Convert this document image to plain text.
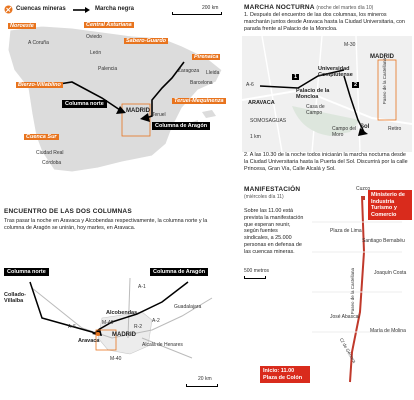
Cuencas mineras	Marcha negra	200 km
Noroeste	Central Asturiana
Bierzo-Villablino
Sabero-Guardo
Pirenaica
Teruel-Mequinenza
Cuenca Sur
A Coruña
Oviedo
León
Palencia	Zaragoza Lleida
Barcelona
Teruel
MADRID
Ciudad Real
Córdoba
Columna norte
Columna de Aragón
ENCUENTRO DE LAS DOS COLUMNAS
Tras pasar la noche en Aravaca y Alcobendas respectivamente, la columna norte y la columna de Aragón se unirán, hoy martes, en Aravaca.
Columna norte	Columna de Aragón
Collado-Villalba
A-6
A-1
Alcobendas
M-40
R-2
A-2
Guadalajara
Aravaca
MADRID
Alcalá de Henares
M-40
20 km
MARCHA NOCTURNA (noche del martes día 10)
1. Después del encuentro de las dos columnas, los mineros marcharán juntos desde Aravaca hasta la Ciudad Universitaria, con parada frente al Palacio de la Moncloa.
MADRID
M-30
A-6
ARAVACA
Universidad Complutense
Palacio de la Moncloa
Casa de Campo
SOMOSAGUAS
Campo del Moro
Sol	Retiro
Paseo de la Castellana
1 km
1
2
2. A las 10.30 de la noche todos iniciarán la marcha nocturna desde la Ciudad Universitaria hasta la Puerta del Sol. Discurrirá por la calle Princesa, Gran Vía, Calle Alcalá y Sol.
MANIFESTACIÓN
(miércoles día 11)
Sobre las 11.00 está prevista la manifestación que esperan reunir, según fuentes sindicales, a 25.000 personas en defensa de las cuencas mineras.
500 metros
Ministerio de Industria Turismo y Comercio
Inicio: 11.00 Plaza de Colón
Cuzco
Plaza de Lima
Santiago Bernabéu
Joaquín Costa
José Abascal
María de Molina
Paseo de la Castellana
C/ de Génova
